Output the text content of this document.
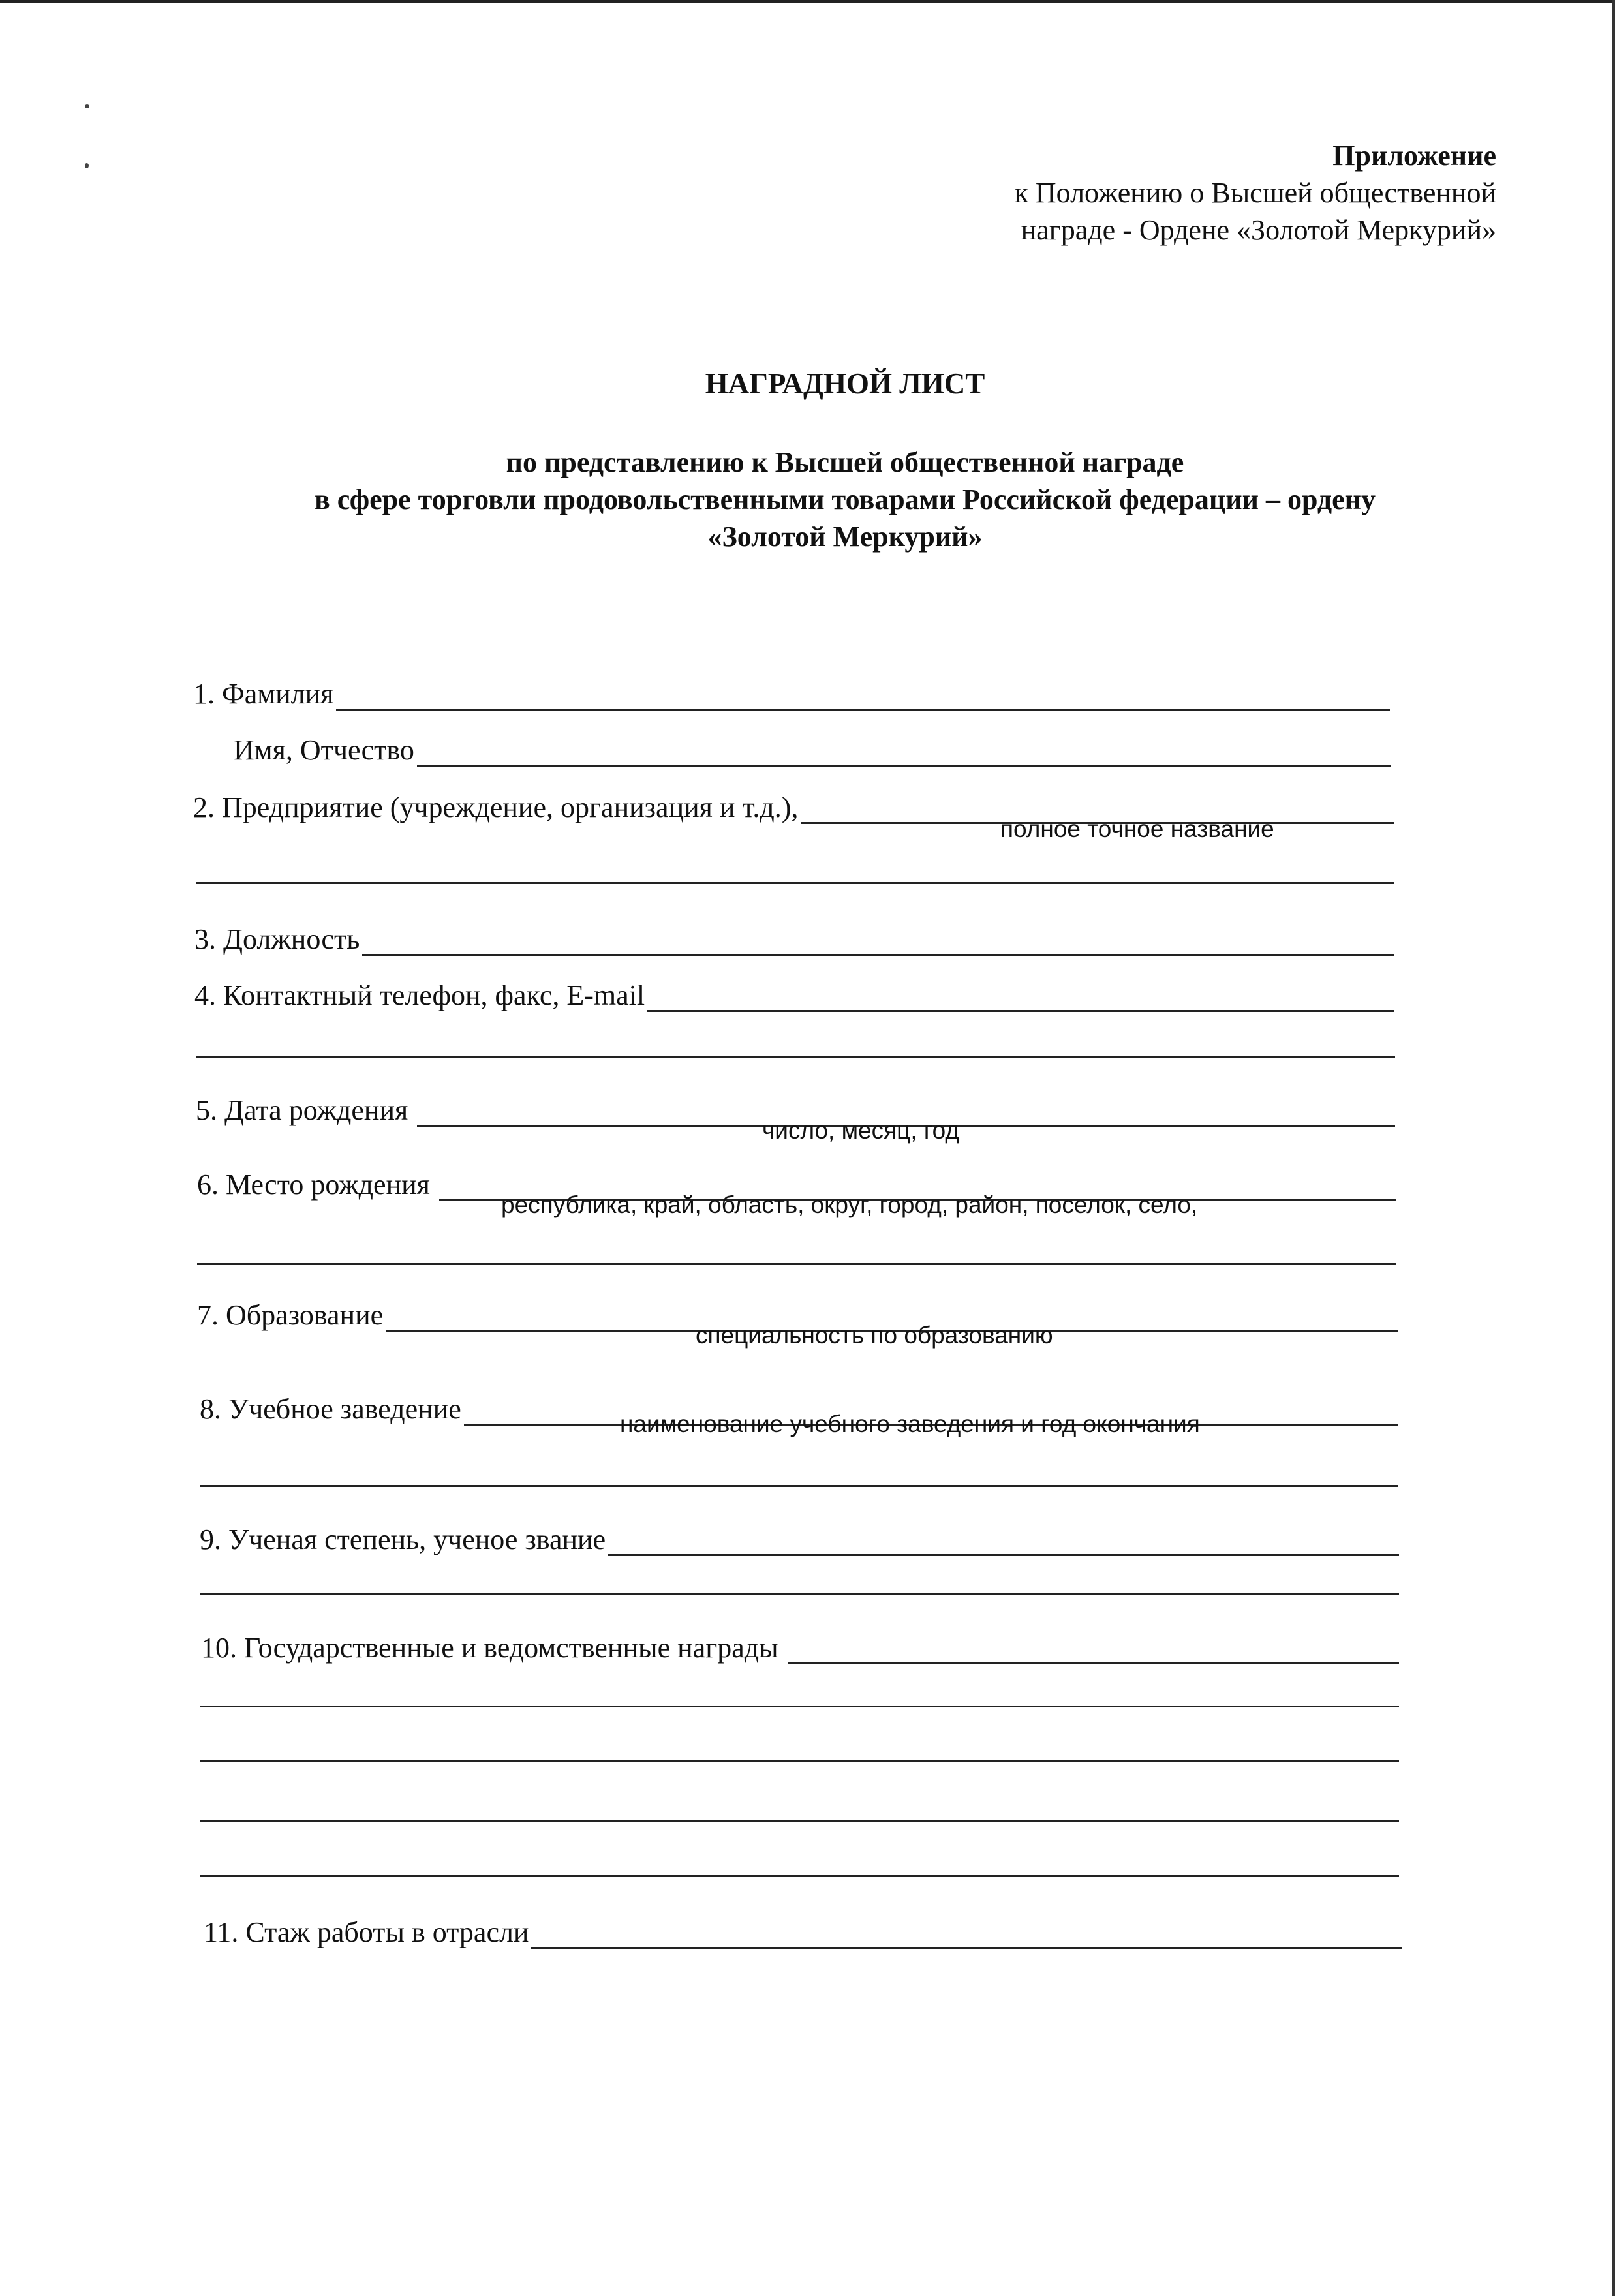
Приложение
к Положению о Высшей общественной
награде - Ордене «Золотой Меркурий»
НАГРАДНОЙ ЛИСТ
по представлению к Высшей общественной награде
в сфере торговли продовольственными товарами Российской федерации – ордену
«Золотой Меркурий»
1. Фамилия
Имя, Отчество
2. Предприятие (учреждение, организация и т.д.),
полное точное название
3. Должность
4. Контактный телефон, факс, E-mail
5. Дата рождения
число, месяц, год
6. Место рождения
республика, край, область, округ, город, район, поселок, село,
7. Образование
специальность по образованию
8. Учебное заведение	наименование учебного заведения и год окончания
9. Ученая степень, ученое звание
10. Государственные и ведомственные награды
11. Стаж работы в отрасли
